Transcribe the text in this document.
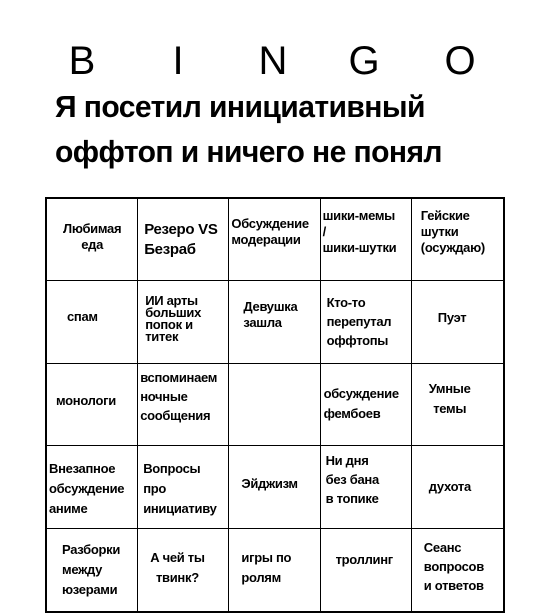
B I N G O
Я посетил инициативный
оффтоп и ничего не понял
Любимая
еда
Резеро VS
Безраб
Обсуждение
модерации
шики-мемы
/
шики-шутки
Гейские
шутки
(осуждаю)
спам
ИИ арты
больших
попок и
титек
Девушка
зашла
Кто-то
перепутал
оффтопы
Пуэт
монологи
вспоминаем
ночные
сообщения
обсуждение
фембоев
Умные
темы
Внезапное
обсуждение
аниме
Вопросы
про
инициативу
Эйджизм
Ни дня
без бана
в топике
духота
Разборки
между
юзерами
А чей ты
твинк?
игры по
ролям
троллинг
Сеанс
вопросов
и ответов
